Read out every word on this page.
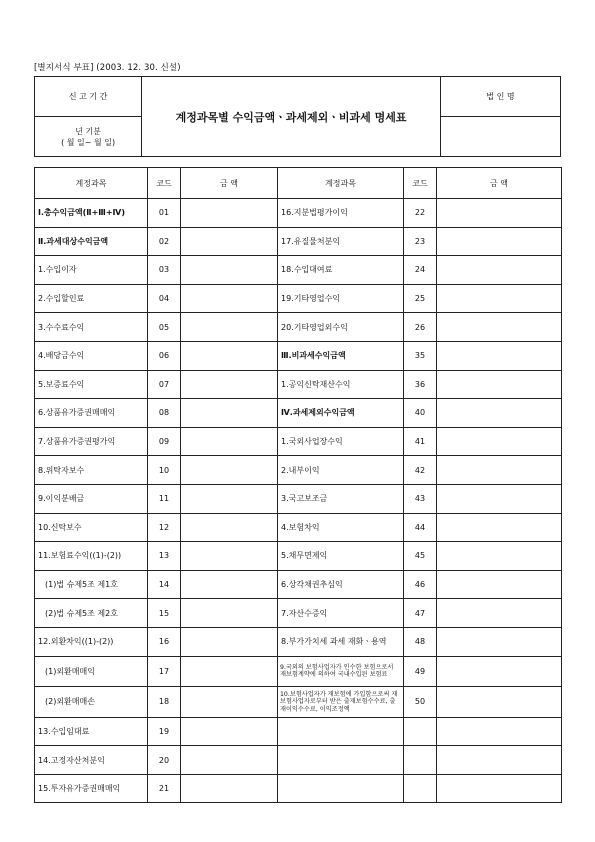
[별지서식 부표] (2003. 12. 30. 신설)
신 고 기 간	계정과목별 수익금액ㆍ과세제외ㆍ비과세 명세표	법 인 명

년 기분
( 월 일~ 월 일)		

계정과목	코드	금 액	계정과목	코드	금 액
Ⅰ.총수익금액(Ⅱ+Ⅲ+Ⅳ)	01		16.지분법평가이익	22	
Ⅱ.과세대상수익금액	02		17.유질물처분익	23	
1.수입이자	03		18.수입대여료	24	
2.수입할인료	04		19.기타영업수익	25	
3.수수료수익	05		20.기타영업외수익	26	
4.배당금수익	06		Ⅲ.비과세수익금액	35	
5.보증료수익	07		1.공익신탁재산수익	36	
6.상품유가증권매매익	08		Ⅳ.과세제외수익금액	40	
7.상품유가증권평가익	09		1.국외사업장수익	41	
8.위탁자보수	10		2.내부이익	42	
9.이익분배금	11		3.국고보조금	43	
10.신탁보수	12		4.보험차익	44	
11.보험료수익((1)-(2))	13		5.채무면제익	45	
(1)법 슈제5조 제1호	14		6.상각채권추심익	46	
(2)법 슈제5조 제2호	15		7.자산수증익	47	
12.외환차익((1)-(2))	16		8.부가가치세 과세 재화ㆍ용역	48	
(1)외환매매익	17		9.국외의 보험사업자가 인수한 보험으로서 재보험계약에 의하여 국내수입된 보험료	49	
(2)외환매매손	18		10.보험사업자가 재보험에 가입함으로써 재보험사업자로부터 받은 출재보험수수료, 출재이익수수료, 이익조정액	50	
13.수입임대료	19				
14.고정자산처분익	20				
15.투자유가증권매매익	21				
